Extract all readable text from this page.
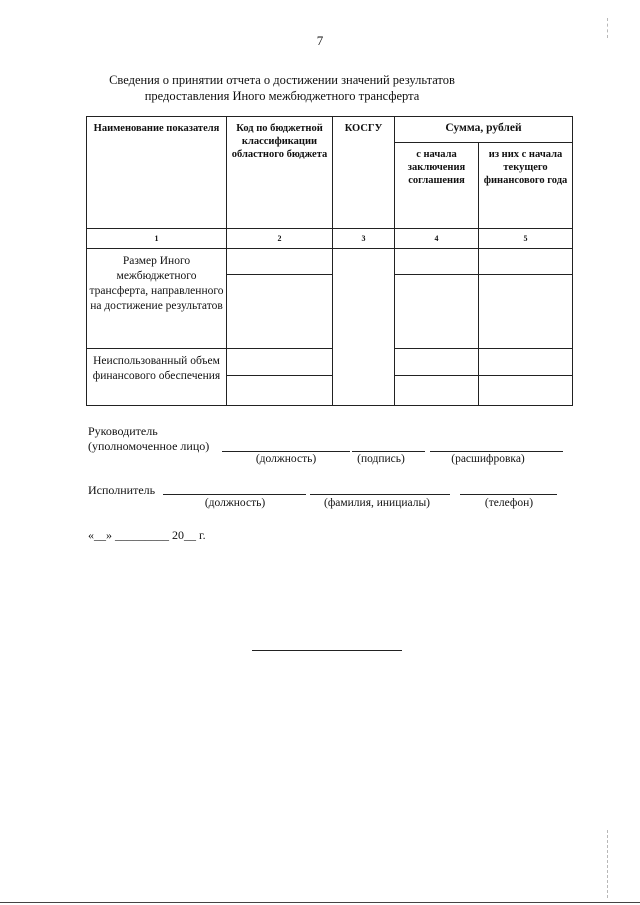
7
Сведения о принятии отчета о достижении значений результатов
предоставления Иного межбюджетного трансферта
Наименование показателя	Код по бюджетной классификации областного бюджета	КОСГУ	Сумма, рублей	
			с начала заключения соглашения	из них с начала текущего финансового года
1	2	3	4	5
Размер Иного межбюджетного трансферта, направленного на достижение результатов				

Неиспользованный объем финансового обеспечения				

Руководитель
(уполномоченное лицо)
(должность)	(подпись)	(расшифровка)
Исполнитель
(должность)	(фамилия, инициалы)	(телефон)
«__» _________ 20__ г.
